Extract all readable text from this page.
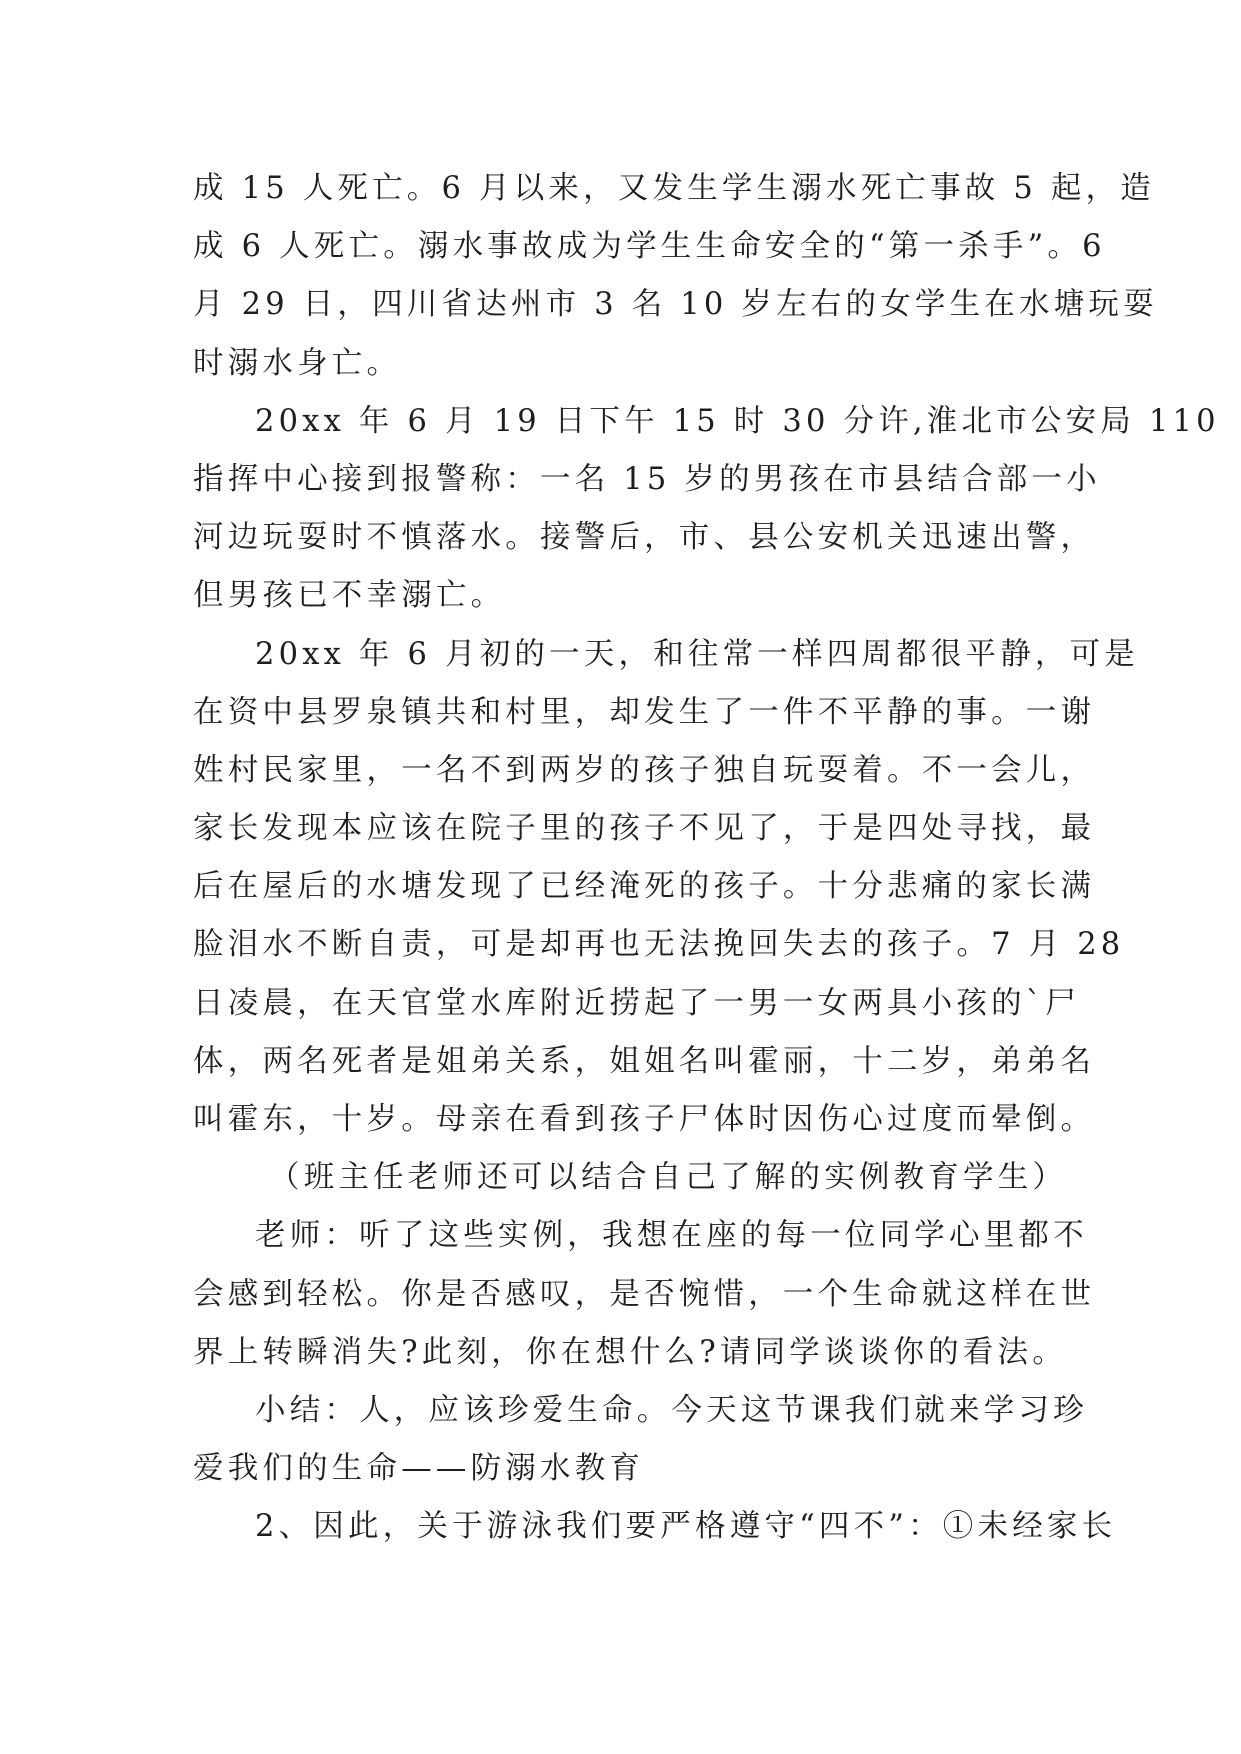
成 15 人死亡。6 月以来，又发生学生溺水死亡事故 5 起，造
成 6 人死亡。溺水事故成为学生生命安全的“第一杀手”。6
月 29 日，四川省达州市 3 名 10 岁左右的女学生在水塘玩耍
时溺水身亡。
20xx 年 6 月 19 日下午 15 时 30 分许,淮北市公安局 110
指挥中心接到报警称：一名 15 岁的男孩在市县结合部一小
河边玩耍时不慎落水。接警后，市、县公安机关迅速出警，
但男孩已不幸溺亡。
20xx 年 6 月初的一天，和往常一样四周都很平静，可是
在资中县罗泉镇共和村里，却发生了一件不平静的事。一谢
姓村民家里，一名不到两岁的孩子独自玩耍着。不一会儿，
家长发现本应该在院子里的孩子不见了，于是四处寻找，最
后在屋后的水塘发现了已经淹死的孩子。十分悲痛的家长满
脸泪水不断自责，可是却再也无法挽回失去的孩子。7 月 28
日凌晨，在天官堂水库附近捞起了一男一女两具小孩的`尸
体，两名死者是姐弟关系，姐姐名叫霍丽，十二岁，弟弟名
叫霍东，十岁。母亲在看到孩子尸体时因伤心过度而晕倒。
（班主任老师还可以结合自己了解的实例教育学生）
老师：听了这些实例，我想在座的每一位同学心里都不
会感到轻松。你是否感叹，是否惋惜，一个生命就这样在世
界上转瞬消失?此刻，你在想什么?请同学谈谈你的看法。
小结：人，应该珍爱生命。今天这节课我们就来学习珍
爱我们的生命——防溺水教育
2、因此，关于游泳我们要严格遵守“四不”：①未经家长
